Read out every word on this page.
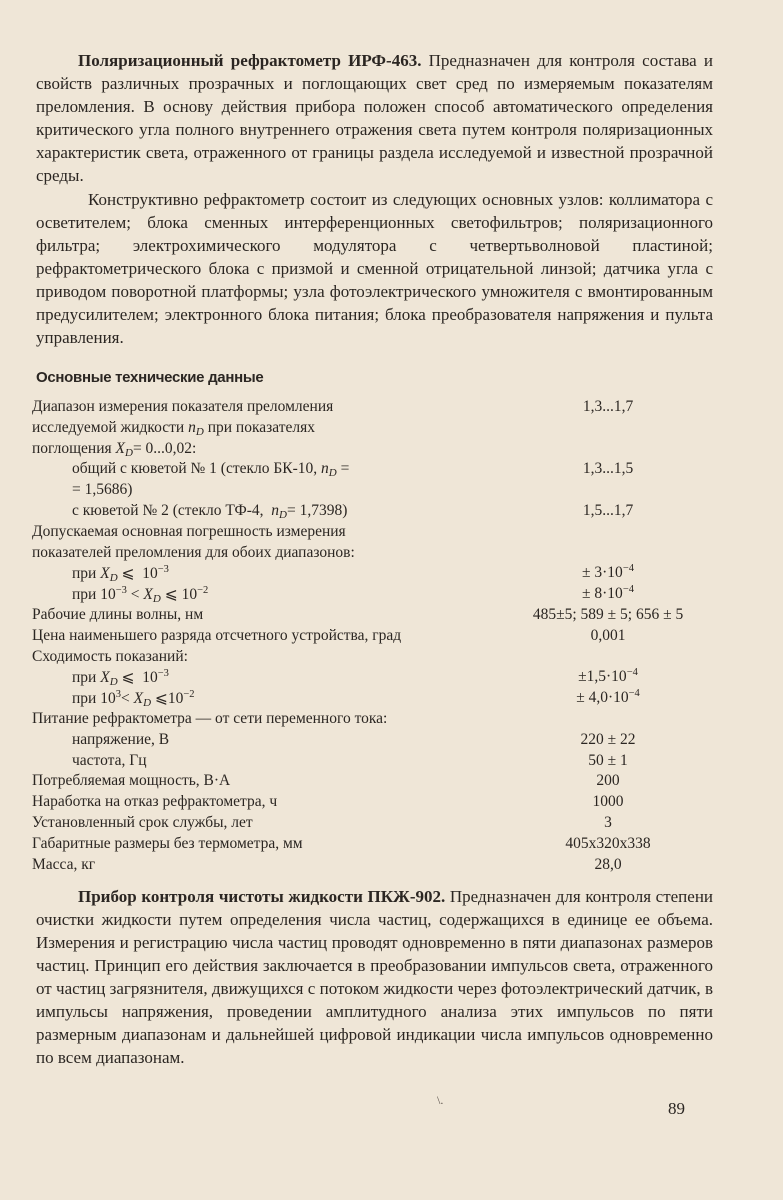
Поляризационный рефрактометр ИРФ-463. Предназначен для контроля состава и свойств различных прозрачных и поглощающих свет сред по измеряемым показателям преломления. В основу действия прибора положен способ автоматического определения критического угла полного внутреннего отражения света путем контроля поляризационных характеристик света, отраженного от границы раздела исследуемой и известной прозрачной среды.

Конструктивно рефрактометр состоит из следующих основных узлов: коллиматора с осветителем; блока сменных интерференционных светофильтров; поляризационного фильтра; электрохимического модулятора с четвертьволновой пластиной; рефрактометрического блока с призмой и сменной отрицательной линзой; датчика угла с приводом поворотной платформы; узла фотоэлектрического умножителя с вмонтированным предусилителем; электронного блока питания; блока преобразователя напряжения и пульта управления.

Основные технические данные
Диапазон измерения показателя преломления	1,3...1,7
исследуемой жидкости $n_D$ при показателях
поглощения $X_D= 0...0,02$:
общий с кюветой № 1 (стекло БК-10, $n_D$ =	1,3...1,5
= 1,5686)
с кюветой № 2 (стекло ТФ-4, $n_D= 1,7398$)	1,5...1,7
Допускаемая основная погрешность измерения
показателей преломления для обоих диапазонов:
при $X_D$ ⩽ $10^{-3}$	± $3\cdot 10^{-4}$
при $10^{-3} < X_D$ ⩽ $10^{-2}$	± $8\cdot 10^{-4}$
Рабочие длины волны, нм	485±5; 589 ± 5; 656 ± 5
Цена наименьшего разряда отсчетного устройства, град	0,001
Сходимость показаний:
при $X_D$ ⩽ $10^{-3}$	$\pm 1,5\cdot 10^{-4}$
при $10^3< X_D$ $⩽10^{-2}$	± $4,0\cdot 10^{-4}$
Питание рефрактометра — от сети переменного тока:
напряжение, В	220 ± 22
частота, Гц	50 ± 1
Потребляемая мощность, В·А	200
Наработка на отказ рефрактометра, ч	1000
Установленный срок службы, лет	3
Габаритные размеры без термометра, мм	405x320x338
Масса, кг	28,0

Прибор контроля чистоты жидкости ПКЖ-902. Предназначен для контроля степени очистки жидкости путем определения числа частиц, содержащихся в единице ее объема. Измерения и регистрацию числа частиц проводят одновременно в пяти диапазонах размеров частиц. Принцип его действия заключается в преобразовании импульсов света, отраженного от частиц загрязнителя, движущихся с потоком жидкости через фотоэлектрический датчик, в импульсы напряжения, проведении амплитудного анализа этих импульсов по пяти размерным диапазонам и дальнейшей цифровой индикации числа импульсов одновременно по всем диапазонам.

\.	89
